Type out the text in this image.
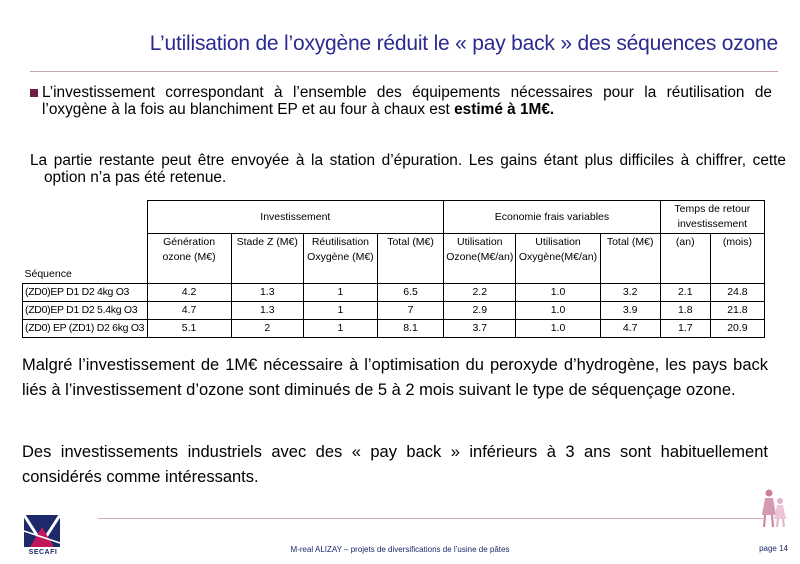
L’utilisation de l’oxygène réduit le « pay back » des séquences ozone
L’investissement correspondant à l’ensemble des équipements nécessaires pour la réutilisation de l’oxygène à la fois au blanchiment EP et au four à chaux est estimé à 1M€.
La partie restante peut être envoyée à la station d’épuration. Les gains étant plus difficiles à chiffrer, cette option n’a pas été retenue.
	Investissement				Economie frais variables			Temps de retour investissement	
Séquence	Génération ozone (M€)	Stade Z (M€)	Réutilisation Oxygène (M€)	Total (M€)	Utilisation Ozone(M€/an)	Utilisation Oxygène(M€/an)	Total (M€)	(an)	(mois)
(ZD0)EP D1 D2 4kg O3	4.2	1.3	1	6.5	2.2	1.0	3.2	2.1	24.8
(ZD0)EP D1 D2 5.4kg O3	4.7	1.3	1	7	2.9	1.0	3.9	1.8	21.8
(ZD0) EP (ZD1) D2 6kg O3	5.1	2	1	8.1	3.7	1.0	4.7	1.7	20.9
Malgré l’investissement de 1M€ nécessaire à l’optimisation du peroxyde d’hydrogène, les pays back liés à l’investissement d’ozone sont diminués de 5 à 2 mois suivant le type de séquençage ozone.
Des investissements industriels avec des « pay back » inférieurs à 3 ans sont habituellement considérés comme intéressants.
SECAFI	M-real ALIZAY – projets de diversifications de l’usine de pâtes	page 14
